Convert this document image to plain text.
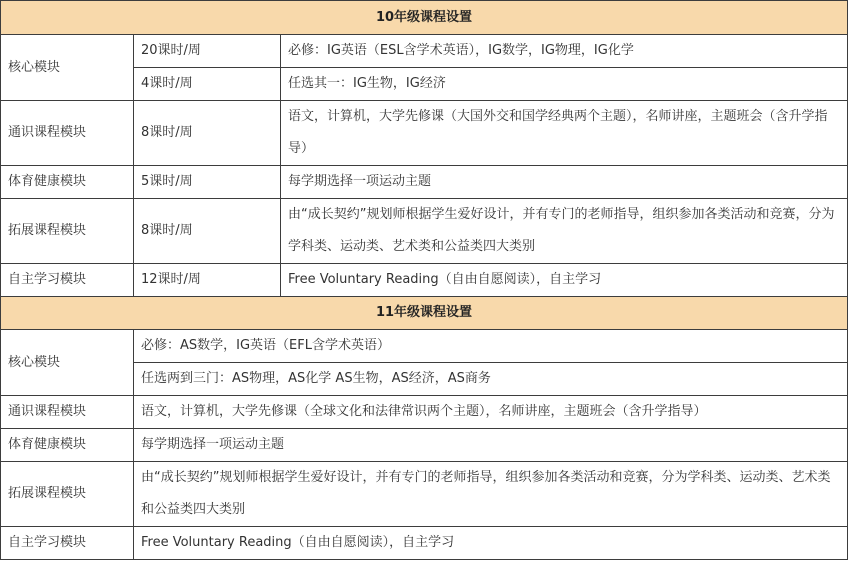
10年级课程设置		
核心模块	20课时/周	必修：IG英语（ESL含学术英语），IG数学，IG物理，IG化学
	4课时/周	任选其一：IG生物，IG经济
通识课程模块	8课时/周	语文，计算机，大学先修课（大国外交和国学经典两个主题），名师讲座，主题班会（含升学指导）
体育健康模块	5课时/周	每学期选择一项运动主题
拓展课程模块	8课时/周	由“成长契约”规划师根据学生爱好设计，并有专门的老师指导，组织参加各类活动和竞赛，分为学科类、运动类、艺术类和公益类四大类别
自主学习模块	12课时/周	Free Voluntary Reading（自由自愿阅读），自主学习
11年级课程设置		
核心模块	必修：AS数学，IG英语（EFL含学术英语）	
	任选两到三门：AS物理，AS化学 AS生物，AS经济，AS商务	
通识课程模块	语文，计算机，大学先修课（全球文化和法律常识两个主题），名师讲座，主题班会（含升学指导）	
体育健康模块	每学期选择一项运动主题	
拓展课程模块	由“成长契约”规划师根据学生爱好设计，并有专门的老师指导，组织参加各类活动和竞赛，分为学科类、运动类、艺术类和公益类四大类别	
自主学习模块	Free Voluntary Reading（自由自愿阅读），自主学习	
